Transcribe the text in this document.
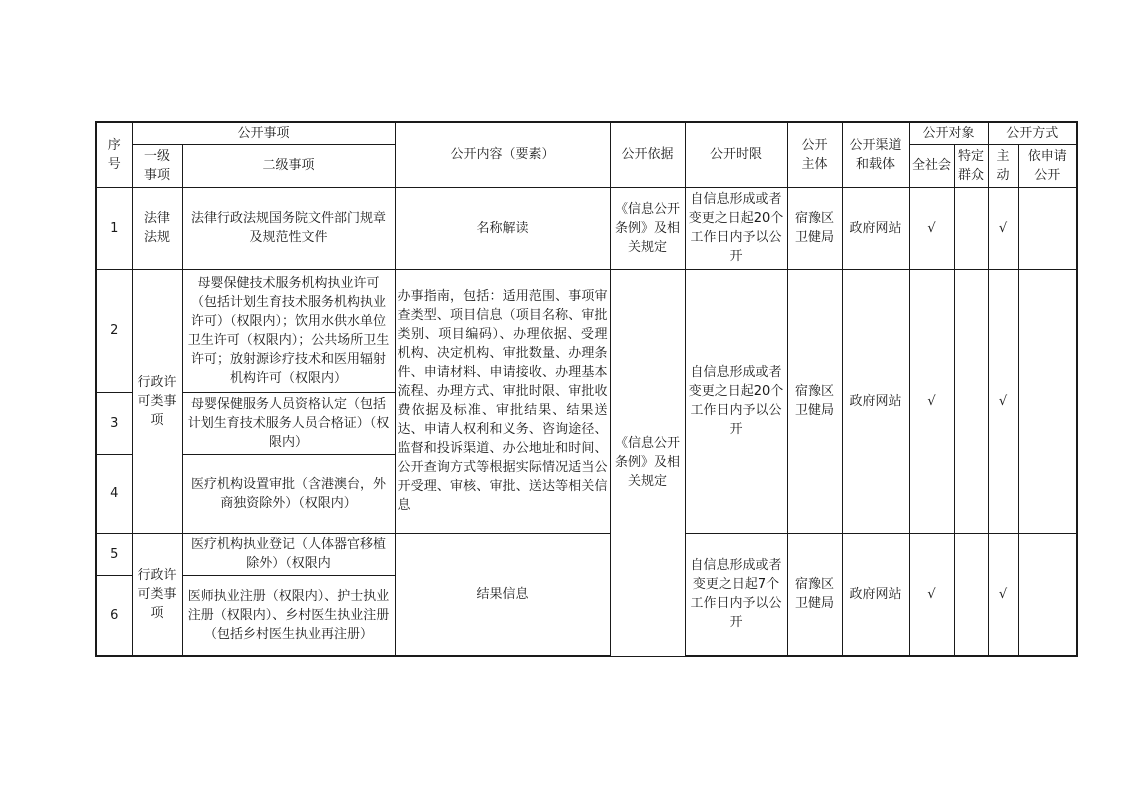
序号	公开事项		公开内容（要素）	公开依据	公开时限	公开主体	公开渠道和载体	公开对象		公开方式	
	一级事项	二级事项						全社会	特定群众	主动	依申请公开
1	法律法规	法律行政法规国务院文件部门规章及规范性文件	名称解读	《信息公开条例》及相关规定	自信息形成或者变更之日起20个工作日内予以公开	宿豫区卫健局	政府网站	√		√	
2	行政许可类事项	母婴保健技术服务机构执业许可（包括计划生育技术服务机构执业许可）（权限内）；饮用水供水单位卫生许可（权限内）；公共场所卫生许可；放射源诊疗技术和医用辐射机构许可（权限内）	办事指南，包括：适用范围、事项审查类型、项目信息（项目名称、审批类别、项目编码）、办理依据、受理机构、决定机构、审批数量、办理条件、申请材料、申请接收、办理基本流程、办理方式、审批时限、审批收费依据及标准、审批结果、结果送达、申请人权利和义务、咨询途径、监督和投诉渠道、办公地址和时间、公开查询方式等根据实际情况适当公开受理、审核、审批、送达等相关信息	《信息公开条例》及相关规定	自信息形成或者变更之日起20个工作日内予以公开	宿豫区卫健局	政府网站	√		√	
3		母婴保健服务人员资格认定（包括计划生育技术服务人员合格证）（权限内）									
4		医疗机构设置审批（含港澳台，外商独资除外）（权限内）									
5	行政许可类事项	医疗机构执业登记（人体器官移植除外）（权限内	结果信息		自信息形成或者变更之日起7个工作日内予以公开	宿豫区卫健局	政府网站	√		√	
6		医师执业注册（权限内）、护士执业注册（权限内）、乡村医生执业注册（包括乡村医生执业再注册）									
